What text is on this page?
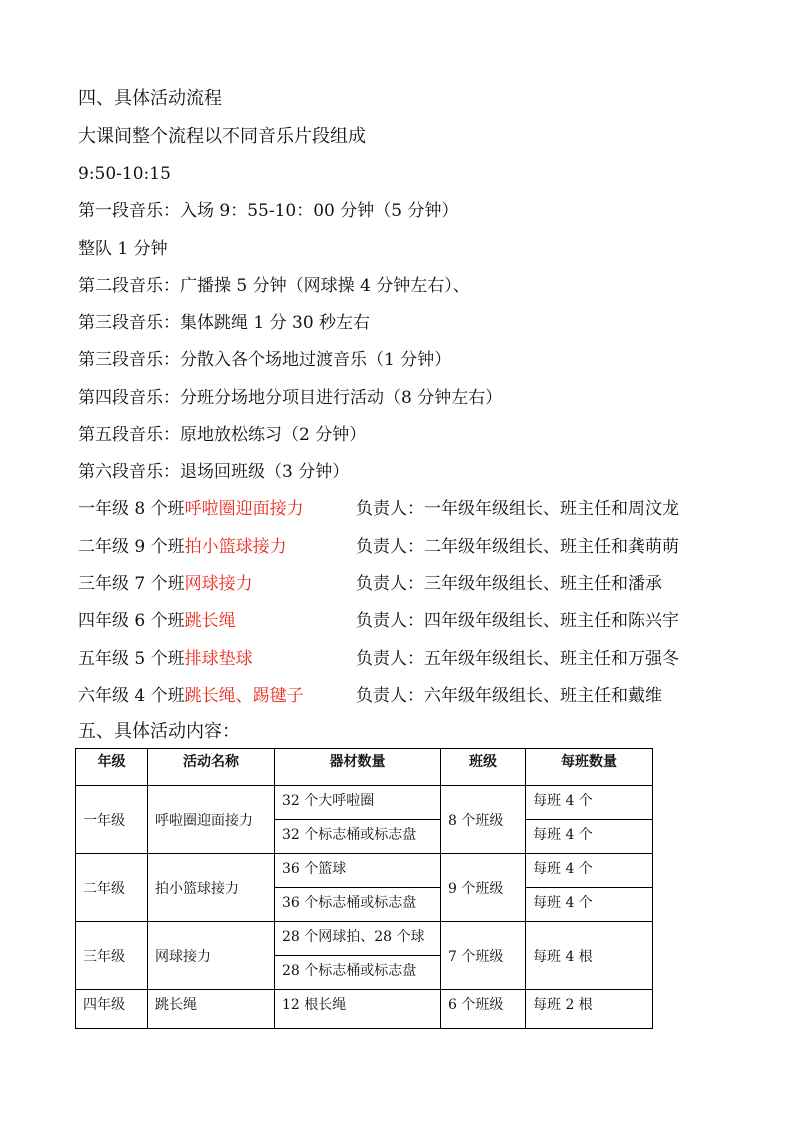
四、具体活动流程
大课间整个流程以不同音乐片段组成
9:50-10:15
第一段音乐：入场 9：55-10：00 分钟（5 分钟）
整队 1 分钟
第二段音乐：广播操 5 分钟（网球操 4 分钟左右）、
第三段音乐：集体跳绳 1 分 30 秒左右
第三段音乐：分散入各个场地过渡音乐（1 分钟）
第四段音乐：分班分场地分项目进行活动（8 分钟左右）
第五段音乐：原地放松练习（2 分钟）
第六段音乐：退场回班级（3 分钟）
一年级 8 个班呼啦圈迎面接力	负责人：一年级年级组长、班主任和周汶龙
二年级 9 个班拍小篮球接力	负责人：二年级年级组长、班主任和龚萌萌
三年级 7 个班网球接力	负责人：三年级年级组长、班主任和潘承
四年级 6 个班跳长绳	负责人：四年级年级组长、班主任和陈兴宇
五年级 5 个班排球垫球	负责人：五年级年级组长、班主任和万强冬
六年级 4 个班跳长绳、踢毽子	负责人：六年级年级组长、班主任和戴维
五、具体活动内容：
年级	活动名称	器材数量	班级	每班数量
一年级	呼啦圈迎面接力	32 个大呼啦圈	8 个班级	每班 4 个
		32 个标志桶或标志盘		每班 4 个
二年级	拍小篮球接力	36 个篮球	9 个班级	每班 4 个
		36 个标志桶或标志盘		每班 4 个
三年级	网球接力	28 个网球拍、28 个球	7 个班级	每班 4 根
		28 个标志桶或标志盘		
四年级	跳长绳	12 根长绳	6 个班级	每班 2 根
